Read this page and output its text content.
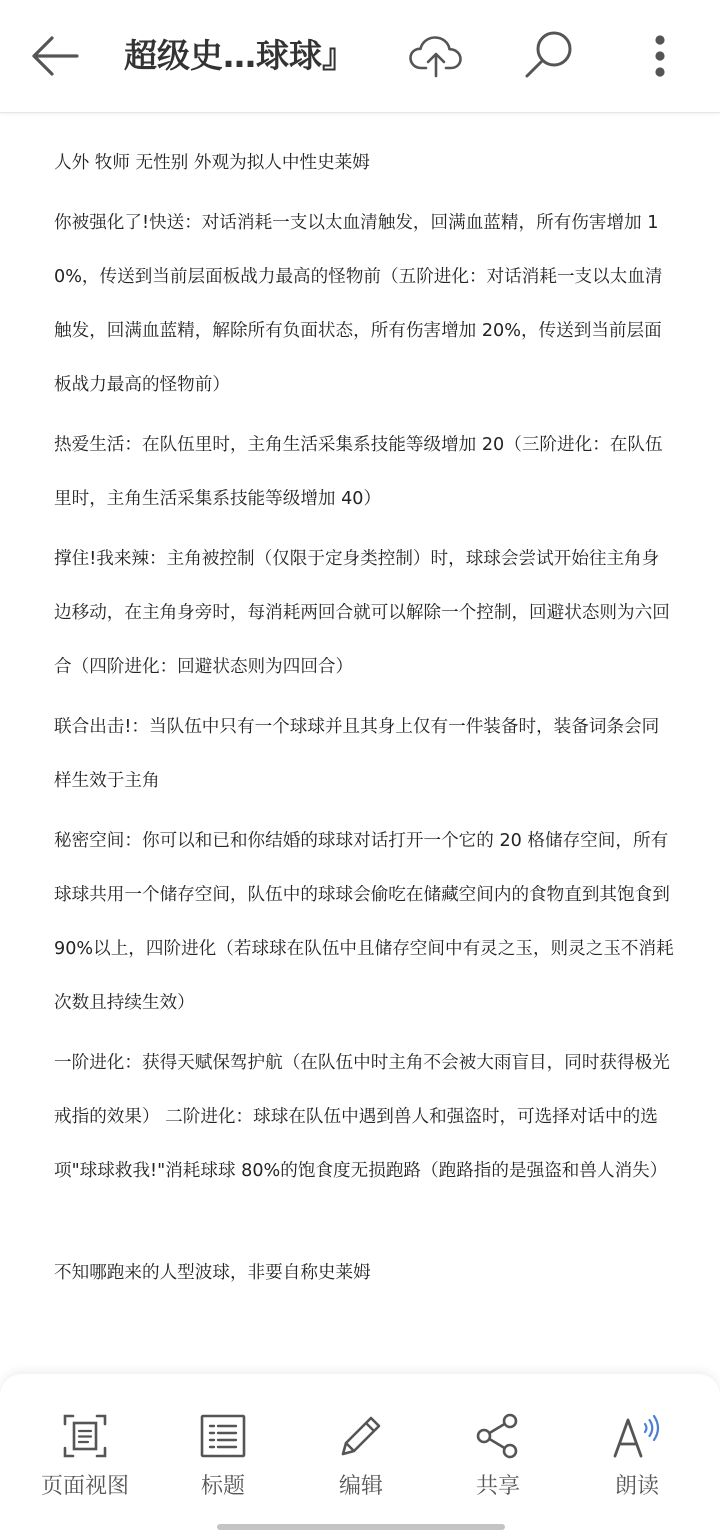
超级史…球球』

人外 牧师 无性别 外观为拟人中性史莱姆

你被强化了!快送：对话消耗一支以太血清触发，回满血蓝精，所有伤害增加 10%，传送到当前层面板战力最高的怪物前（五阶进化：对话消耗一支以太血清触发，回满血蓝精，解除所有负面状态，所有伤害增加 20%，传送到当前层面板战力最高的怪物前）

热爱生活：在队伍里时，主角生活采集系技能等级增加 20（三阶进化：在队伍里时，主角生活采集系技能等级增加 40）

撑住!我来辣：主角被控制（仅限于定身类控制）时，球球会尝试开始往主角身边移动，在主角身旁时，每消耗两回合就可以解除一个控制，回避状态则为六回合（四阶进化：回避状态则为四回合）

联合出击!：当队伍中只有一个球球并且其身上仅有一件装备时，装备词条会同样生效于主角

秘密空间：你可以和已和你结婚的球球对话打开一个它的 20 格储存空间，所有球球共用一个储存空间，队伍中的球球会偷吃在储藏空间内的食物直到其饱食到 90%以上，四阶进化（若球球在队伍中且储存空间中有灵之玉，则灵之玉不消耗次数且持续生效）

一阶进化：获得天赋保驾护航（在队伍中时主角不会被大雨盲目，同时获得极光戒指的效果） 二阶进化：球球在队伍中遇到兽人和强盗时，可选择对话中的选项"球球救我!"消耗球球 80%的饱食度无损跑路（跑路指的是强盗和兽人消失）

不知哪跑来的人型波球，非要自称史莱姆

页面视图	标题	编辑	共享	朗读
